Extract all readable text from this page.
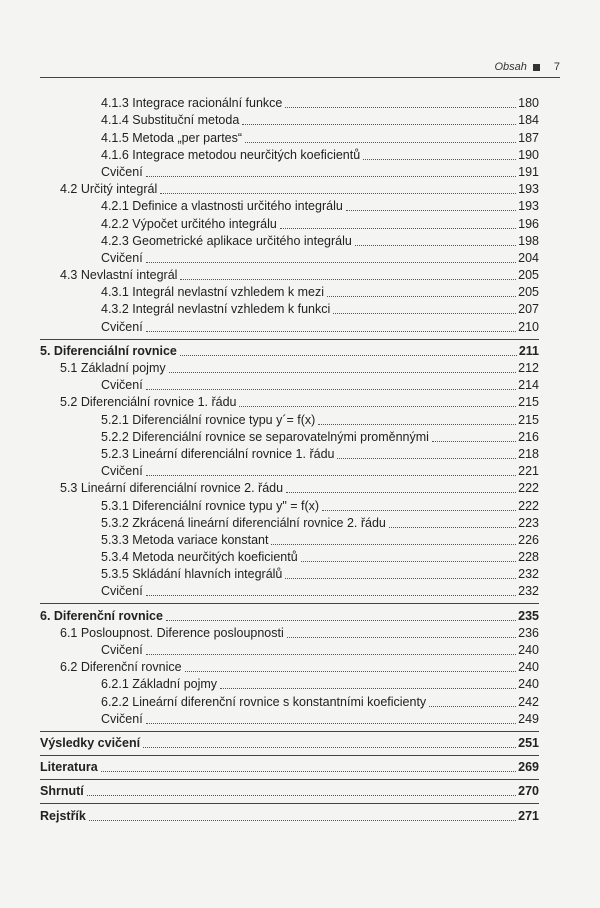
Obsah 7
4.1.3 Integrace racionální funkce	180
4.1.4 Substituční metoda	184
4.1.5 Metoda „per partes“	187
4.1.6 Integrace metodou neurčitých koeficientů	190
Cvičení	191
4.2 Určitý integrál	193
4.2.1 Definice a vlastnosti určitého integrálu	193
4.2.2 Výpočet určitého integrálu	196
4.2.3 Geometrické aplikace určitého integrálu	198
Cvičení	204
4.3 Nevlastní integrál	205
4.3.1 Integrál nevlastní vzhledem k mezi	205
4.3.2 Integrál nevlastní vzhledem k funkci	207
Cvičení	210
5. Diferenciální rovnice	211
5.1 Základní pojmy	212
Cvičení	214
5.2 Diferenciální rovnice 1. řádu	215
5.2.1 Diferenciální rovnice typu y´= f(x)	215
5.2.2 Diferenciální rovnice se separovatelnými proměnnými	216
5.2.3 Lineární diferenciální rovnice 1. řádu	218
Cvičení	221
5.3 Lineární diferenciální rovnice 2. řádu	222
5.3.1 Diferenciální rovnice typu y" = f(x)	222
5.3.2 Zkrácená lineární diferenciální rovnice 2. řádu	223
5.3.3 Metoda variace konstant	226
5.3.4 Metoda neurčitých koeficientů	228
5.3.5 Skládání hlavních integrálů	232
Cvičení	232
6. Diferenční rovnice	235
6.1 Posloupnost. Diference posloupnosti	236
Cvičení	240
6.2 Diferenční rovnice	240
6.2.1 Základní pojmy	240
6.2.2 Lineární diferenční rovnice s konstantními koeficienty	242
Cvičení	249
Výsledky cvičení	251
Literatura	269
Shrnutí	270
Rejstřík	271
